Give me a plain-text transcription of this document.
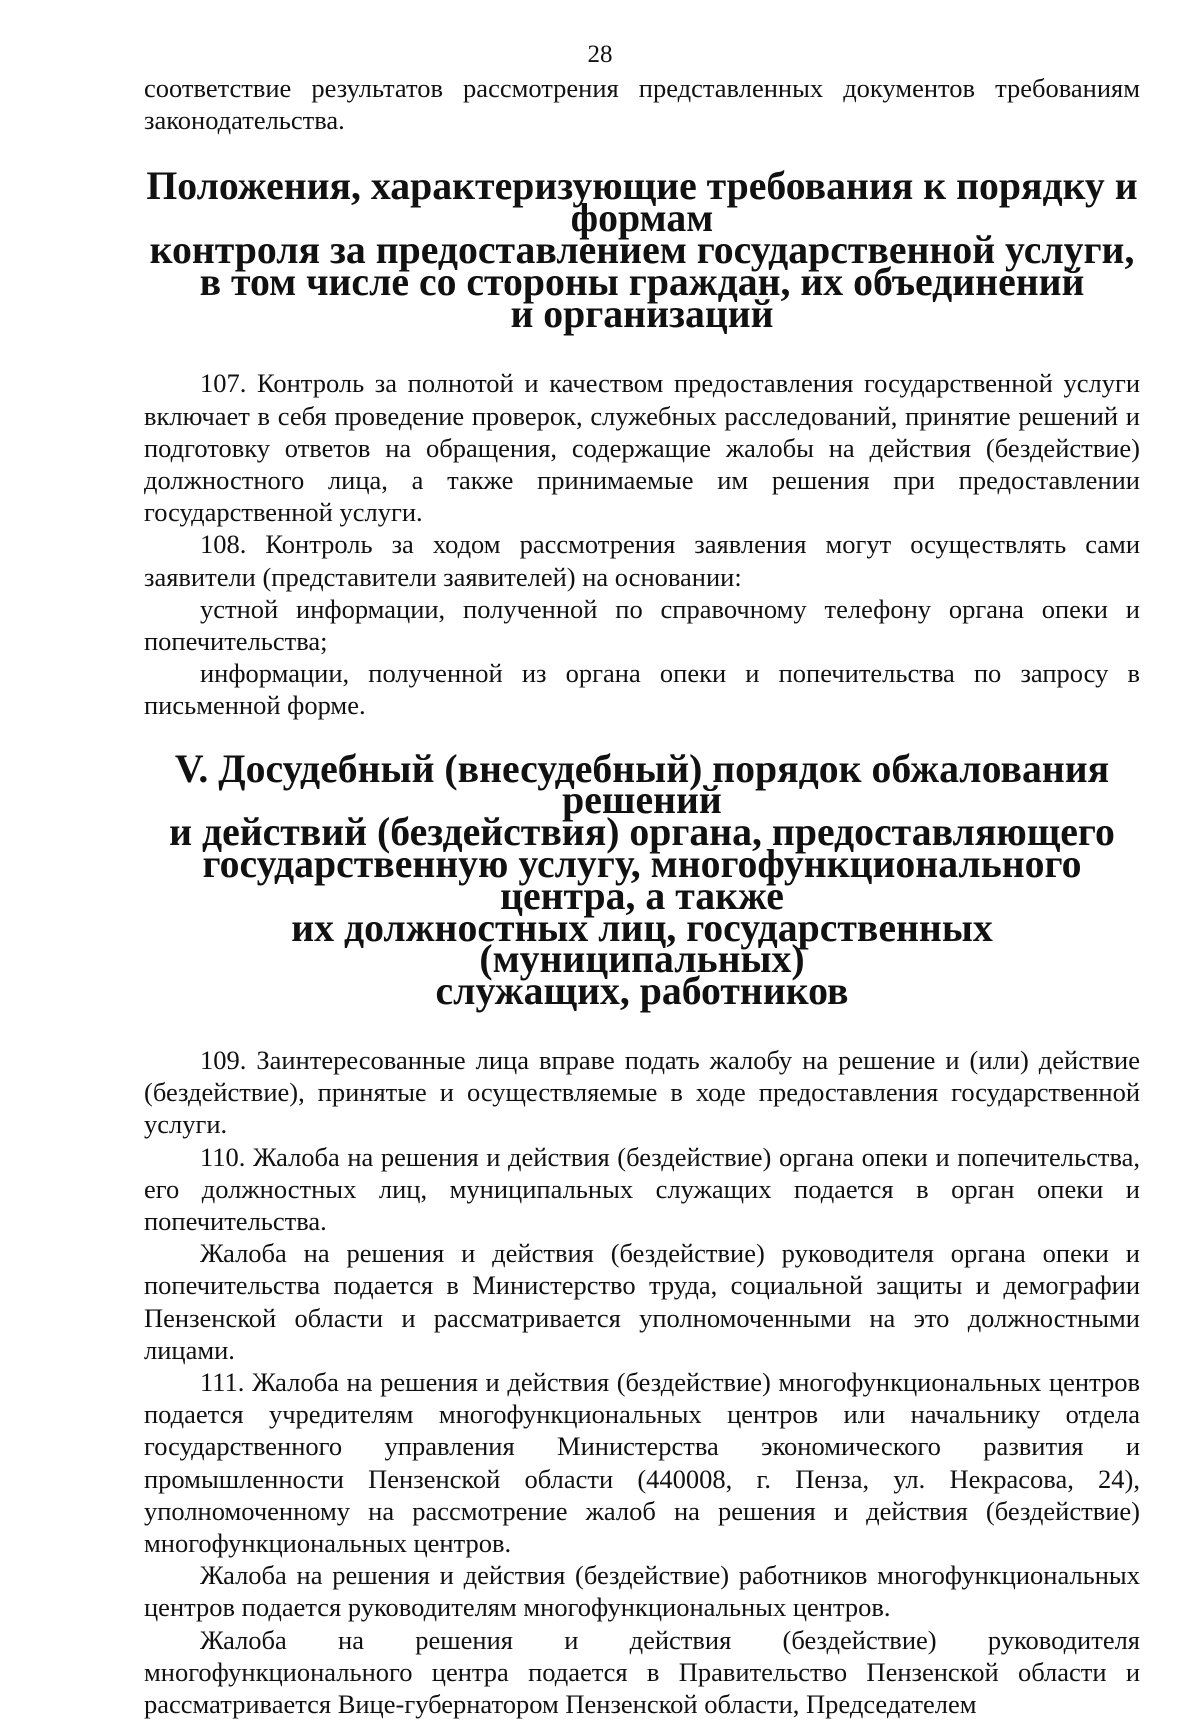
28

соответствие результатов рассмотрения представленных документов требованиям законодательства.

Положения, характеризующие требования к порядку и формам
контроля за предоставлением государственной услуги,
в том числе со стороны граждан, их объединений
и организаций

107. Контроль за полнотой и качеством предоставления государственной услуги включает в себя проведение проверок, служебных расследований, принятие решений и подготовку ответов на обращения, содержащие жалобы на действия (бездействие) должностного лица, а также принимаемые им решения при предоставлении государственной услуги.

108. Контроль за ходом рассмотрения заявления могут осуществлять сами заявители (представители заявителей) на основании:

устной информации, полученной по справочному телефону органа опеки и попечительства;

информации, полученной из органа опеки и попечительства по запросу в письменной форме.

V. Досудебный (внесудебный) порядок обжалования решений
и действий (бездействия) органа, предоставляющего
государственную услугу, многофункционального центра, а также
их должностных лиц, государственных (муниципальных)
служащих, работников

109. Заинтересованные лица вправе подать жалобу на решение и (или) действие (бездействие), принятые и осуществляемые в ходе предоставления государственной услуги.

110. Жалоба на решения и действия (бездействие) органа опеки и попечительства, его должностных лиц, муниципальных служащих подается в орган опеки и попечительства.

Жалоба на решения и действия (бездействие) руководителя органа опеки и попечительства подается в Министерство труда, социальной защиты и демографии Пензенской области и рассматривается уполномоченными на это должностными лицами.

111. Жалоба на решения и действия (бездействие) многофункциональных центров подается учредителям многофункциональных центров или начальнику отдела государственного управления Министерства экономического развития и промышленности Пензенской области (440008, г. Пенза, ул. Некрасова, 24), уполномоченному на рассмотрение жалоб на решения и действия (бездействие) многофункциональных центров.

Жалоба на решения и действия (бездействие) работников многофункциональных центров подается руководителям многофункциональных центров.

Жалоба на решения и действия (бездействие) руководителя многофункционального центра подается в Правительство Пензенской области и рассматривается Вице-губернатором Пензенской области, Председателем
